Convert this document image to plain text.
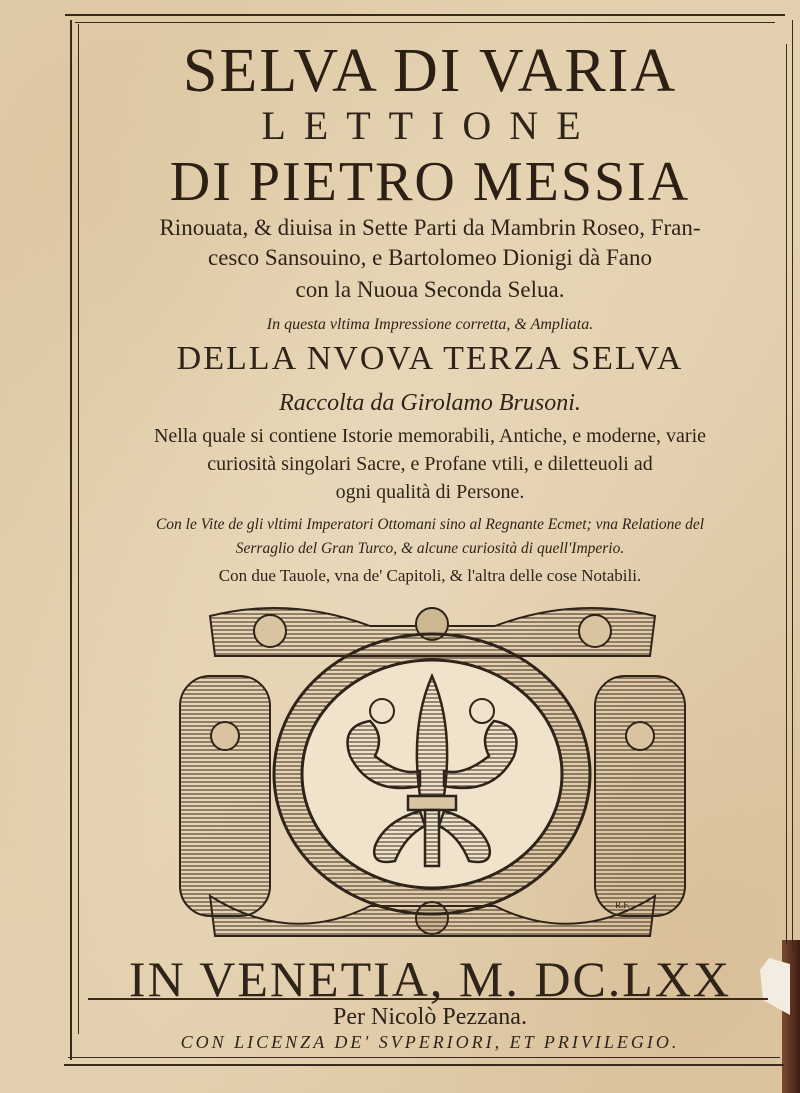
SELVA DI VARIA
LETTIONE
DI PIETRO MESSIA
Rinouata, & diuisa in Sette Parti da Mambrin Roseo, Fran-
cesco Sansouino, e Bartolomeo Dionigi dà Fano
con la Nuoua Seconda Selua.
In questa vltima Impressione corretta, & Ampliata.
DELLA NVOVA TERZA SELVA
Raccolta da Girolamo Brusoni.
Nella quale si contiene Istorie memorabili, Antiche, e moderne, varie
curiosità singolari Sacre, e Profane vtili, e diletteuoli ad
ogni qualità di Persone.
Con le Vite de gli vltimi Imperatori Ottomani sino al Regnante Ecmet; vna Relatione del
Serraglio del Gran Turco, & alcune curiosità di quell'Imperio.
Con due Tauole, vna de' Capitoli, & l'altra delle cose Notabili.
R.F.
IN VENETIA, M. DC.LXX
Per Nicolò Pezzana.
CON LICENZA DE' SVPERIORI, ET PRIVILEGIO.
